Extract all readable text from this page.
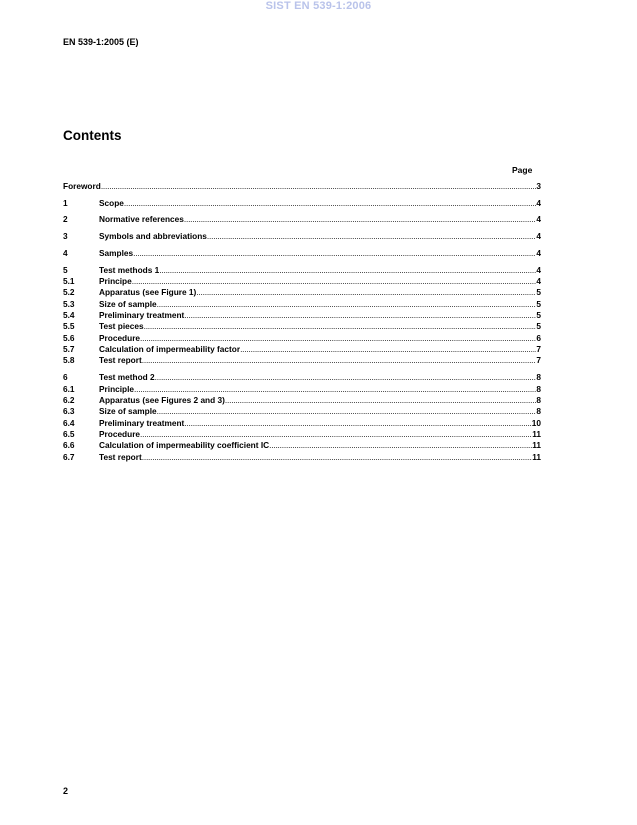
SIST EN 539-1:2006
EN 539-1:2005 (E)
Contents
Page
Foreword .....	3
1	Scope .....	4
2	Normative references .....	4
3	Symbols and abbreviations .....	4
4	Samples .....	4
5	Test methods 1 .....	4
5.1	Principe .....	4
5.2	Apparatus (see Figure 1) .....	5
5.3	Size of sample .....	5
5.4	Preliminary treatment .....	5
5.5	Test pieces .....	5
5.6	Procedure .....	6
5.7	Calculation of impermeability factor .....	7
5.8	Test report .....	7
6	Test method 2 .....	8
6.1	Principle .....	8
6.2	Apparatus (see Figures 2 and 3) .....	8
6.3	Size of sample .....	8
6.4	Preliminary treatment .....	10
6.5	Procedure .....	11
6.6	Calculation of impermeability coefficient IC .....	11
6.7	Test report .....	11
2
